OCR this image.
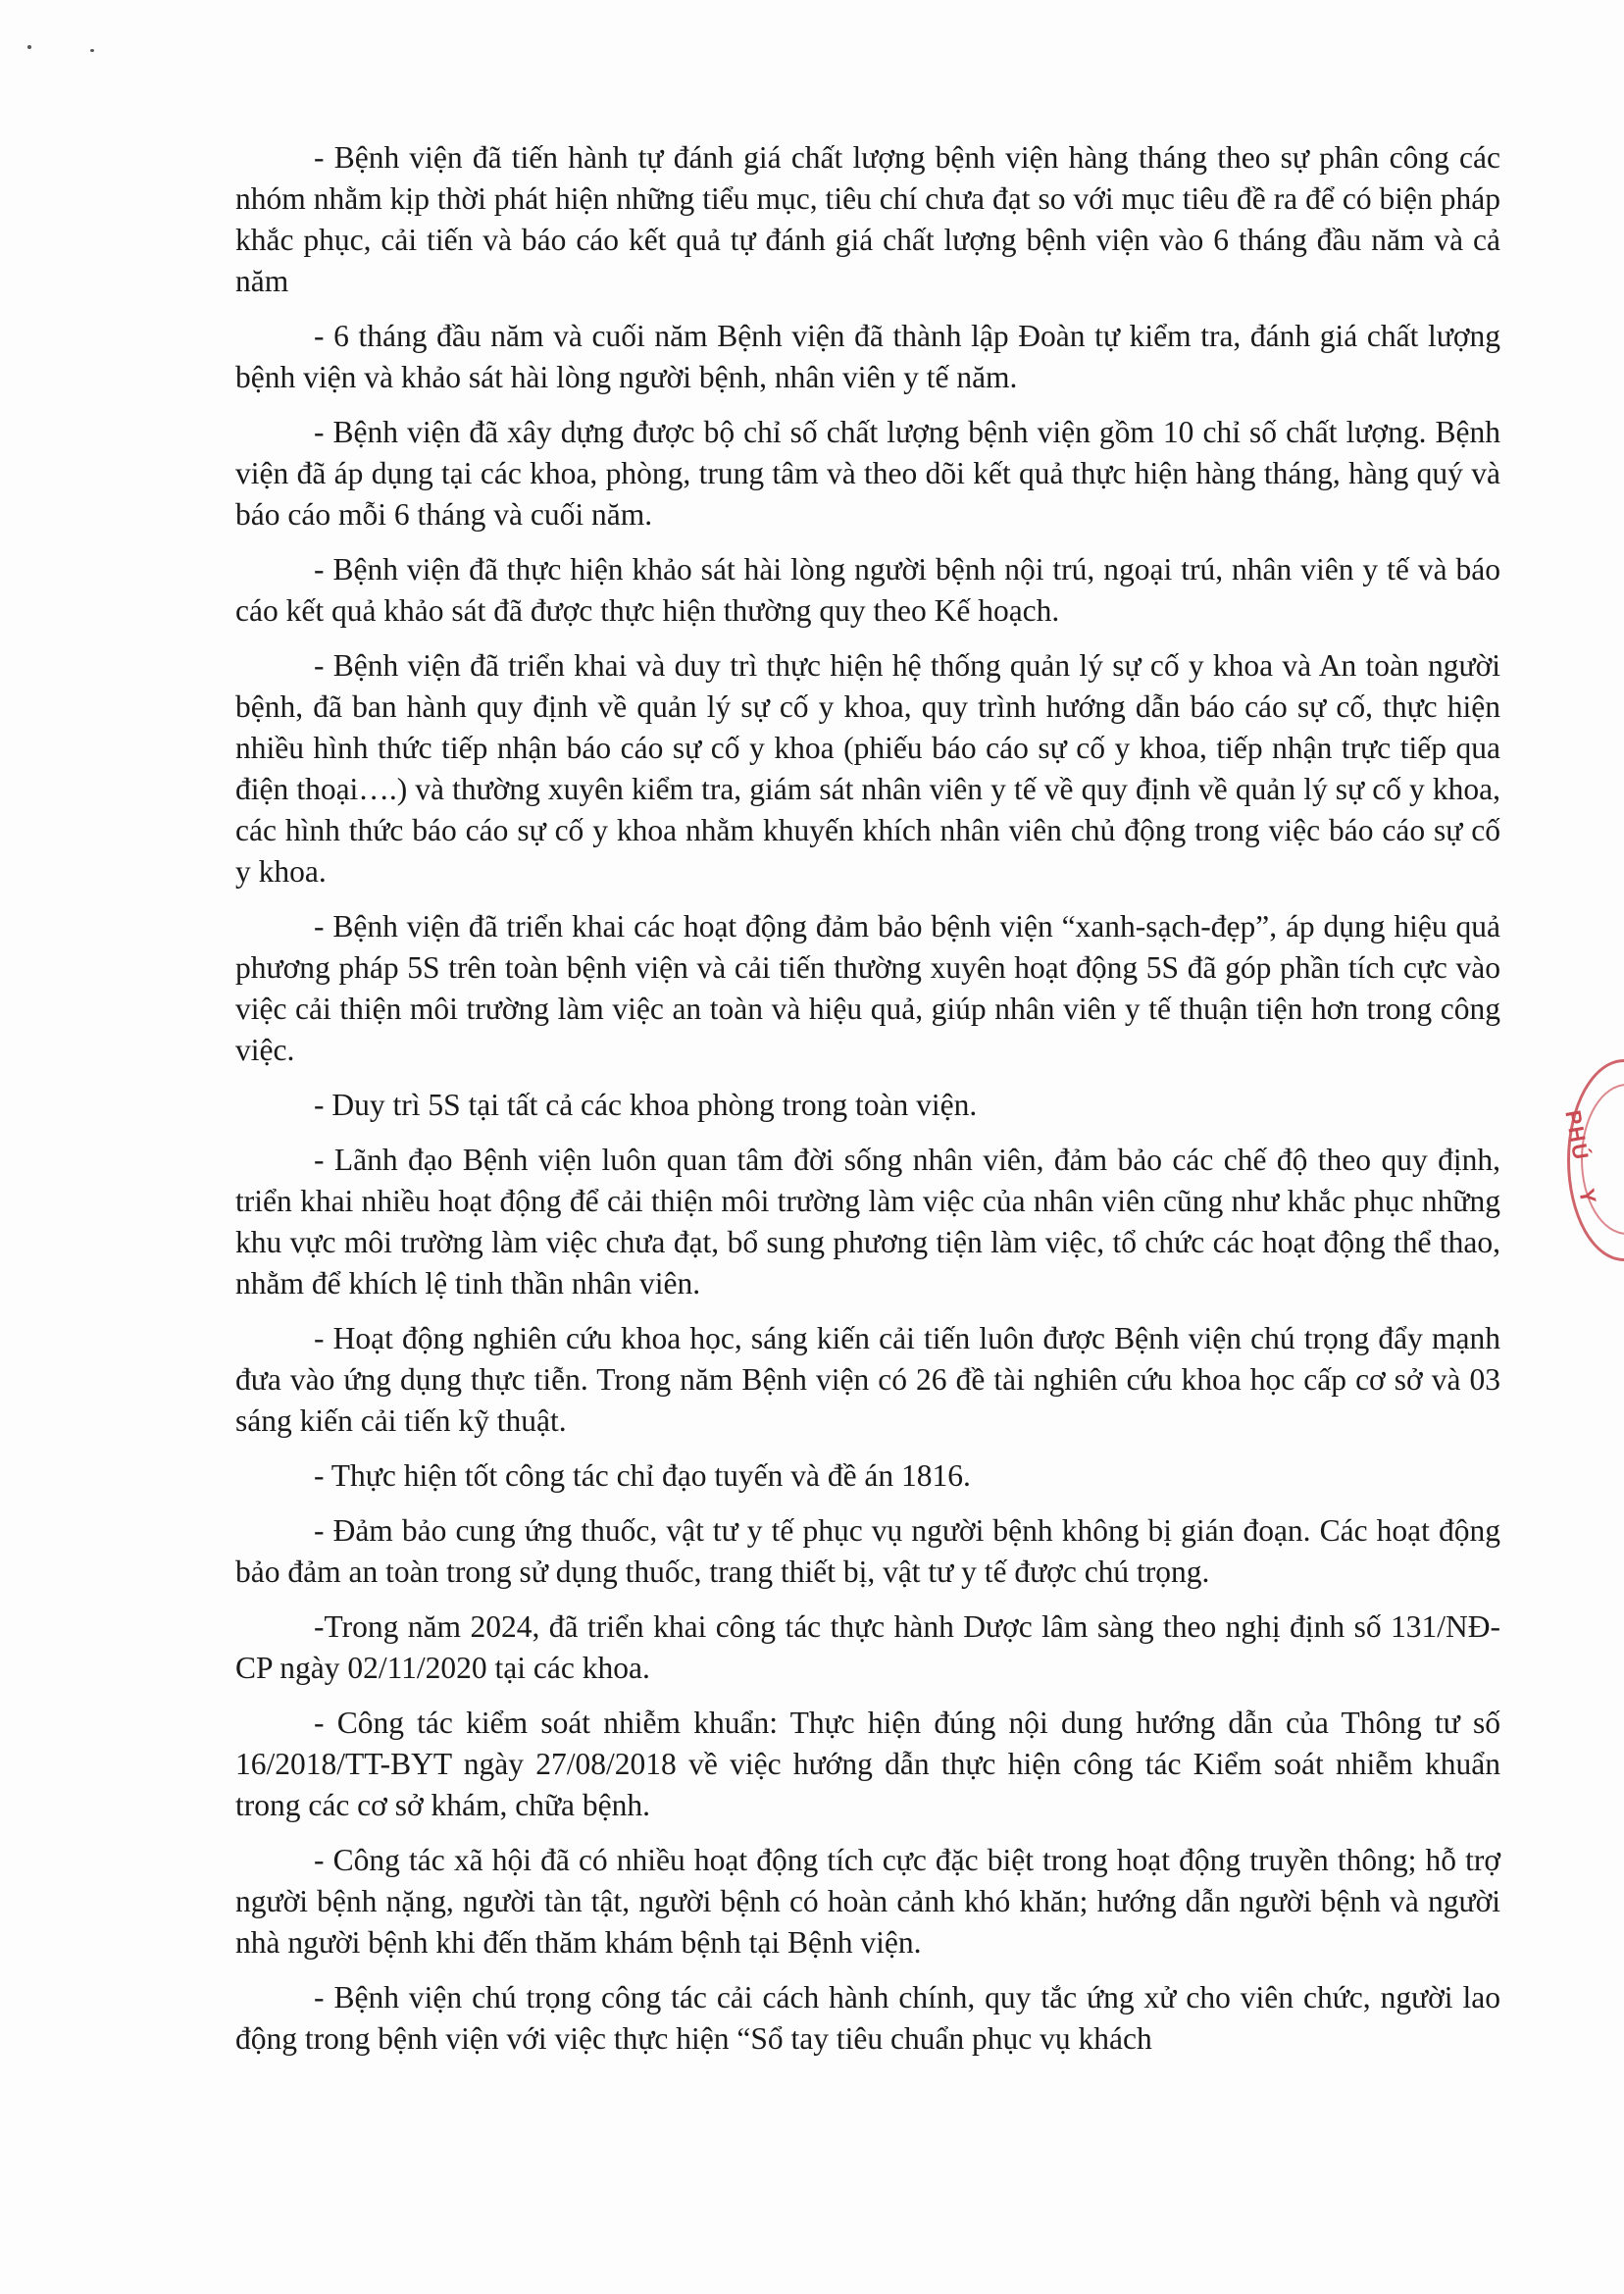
- Bệnh viện đã tiến hành tự đánh giá chất lượng bệnh viện hàng tháng theo sự phân công các nhóm nhằm kịp thời phát hiện những tiểu mục, tiêu chí chưa đạt so với mục tiêu đề ra để có biện pháp khắc phục, cải tiến và báo cáo kết quả tự đánh giá chất lượng bệnh viện vào 6 tháng đầu năm và cả năm

- 6 tháng đầu năm và cuối năm Bệnh viện đã thành lập Đoàn tự kiểm tra, đánh giá chất lượng bệnh viện và khảo sát hài lòng người bệnh, nhân viên y tế năm.

- Bệnh viện đã xây dựng được bộ chỉ số chất lượng bệnh viện gồm 10 chỉ số chất lượng. Bệnh viện đã áp dụng tại các khoa, phòng, trung tâm và theo dõi kết quả thực hiện hàng tháng, hàng quý và báo cáo mỗi 6 tháng và cuối năm.

- Bệnh viện đã thực hiện khảo sát hài lòng người bệnh nội trú, ngoại trú, nhân viên y tế và báo cáo kết quả khảo sát đã được thực hiện thường quy theo Kế hoạch.

- Bệnh viện đã triển khai và duy trì thực hiện hệ thống quản lý sự cố y khoa và An toàn người bệnh, đã ban hành quy định về quản lý sự cố y khoa, quy trình hướng dẫn báo cáo sự cố, thực hiện nhiều hình thức tiếp nhận báo cáo sự cố y khoa (phiếu báo cáo sự cố y khoa, tiếp nhận trực tiếp qua điện thoại….) và thường xuyên kiểm tra, giám sát nhân viên y tế về quy định về quản lý sự cố y khoa, các hình thức báo cáo sự cố y khoa nhằm khuyến khích nhân viên chủ động trong việc báo cáo sự cố y khoa.

- Bệnh viện đã triển khai các hoạt động đảm bảo bệnh viện “xanh-sạch-đẹp”, áp dụng hiệu quả phương pháp 5S trên toàn bệnh viện và cải tiến thường xuyên hoạt động 5S đã góp phần tích cực vào việc cải thiện môi trường làm việc an toàn và hiệu quả, giúp nhân viên y tế thuận tiện hơn trong công việc.

- Duy trì 5S tại tất cả các khoa phòng trong toàn viện.

- Lãnh đạo Bệnh viện luôn quan tâm đời sống nhân viên, đảm bảo các chế độ theo quy định, triển khai nhiều hoạt động để cải thiện môi trường làm việc của nhân viên cũng như khắc phục những khu vực môi trường làm việc chưa đạt, bổ sung phương tiện làm việc, tổ chức các hoạt động thể thao, nhằm để khích lệ tinh thần nhân viên.

- Hoạt động nghiên cứu khoa học, sáng kiến cải tiến luôn được Bệnh viện chú trọng đẩy mạnh đưa vào ứng dụng thực tiễn. Trong năm Bệnh viện có 26 đề tài nghiên cứu khoa học cấp cơ sở và 03 sáng kiến cải tiến kỹ thuật.

- Thực hiện tốt công tác chỉ đạo tuyến và đề án 1816.

- Đảm bảo cung ứng thuốc, vật tư y tế phục vụ người bệnh không bị gián đoạn. Các hoạt động bảo đảm an toàn trong sử dụng thuốc, trang thiết bị, vật tư y tế được chú trọng.

-Trong năm 2024, đã triển khai công tác thực hành Dược lâm sàng theo nghị định số 131/NĐ-CP ngày 02/11/2020 tại các khoa.

- Công tác kiểm soát nhiễm khuẩn: Thực hiện đúng nội dung hướng dẫn của Thông tư số 16/2018/TT-BYT ngày 27/08/2018 về việc hướng dẫn thực hiện công tác Kiểm soát nhiễm khuẩn trong các cơ sở khám, chữa bệnh.

- Công tác xã hội đã có nhiều hoạt động tích cực đặc biệt trong hoạt động truyền thông; hỗ trợ người bệnh nặng, người tàn tật, người bệnh có hoàn cảnh khó khăn; hướng dẫn người bệnh và người nhà người bệnh khi đến thăm khám bệnh tại Bệnh viện.

- Bệnh viện chú trọng công tác cải cách hành chính, quy tắc ứng xử cho viên chức, người lao động trong bệnh viện với việc thực hiện “Sổ tay tiêu chuẩn phục vụ khách

PHÚ
Y
